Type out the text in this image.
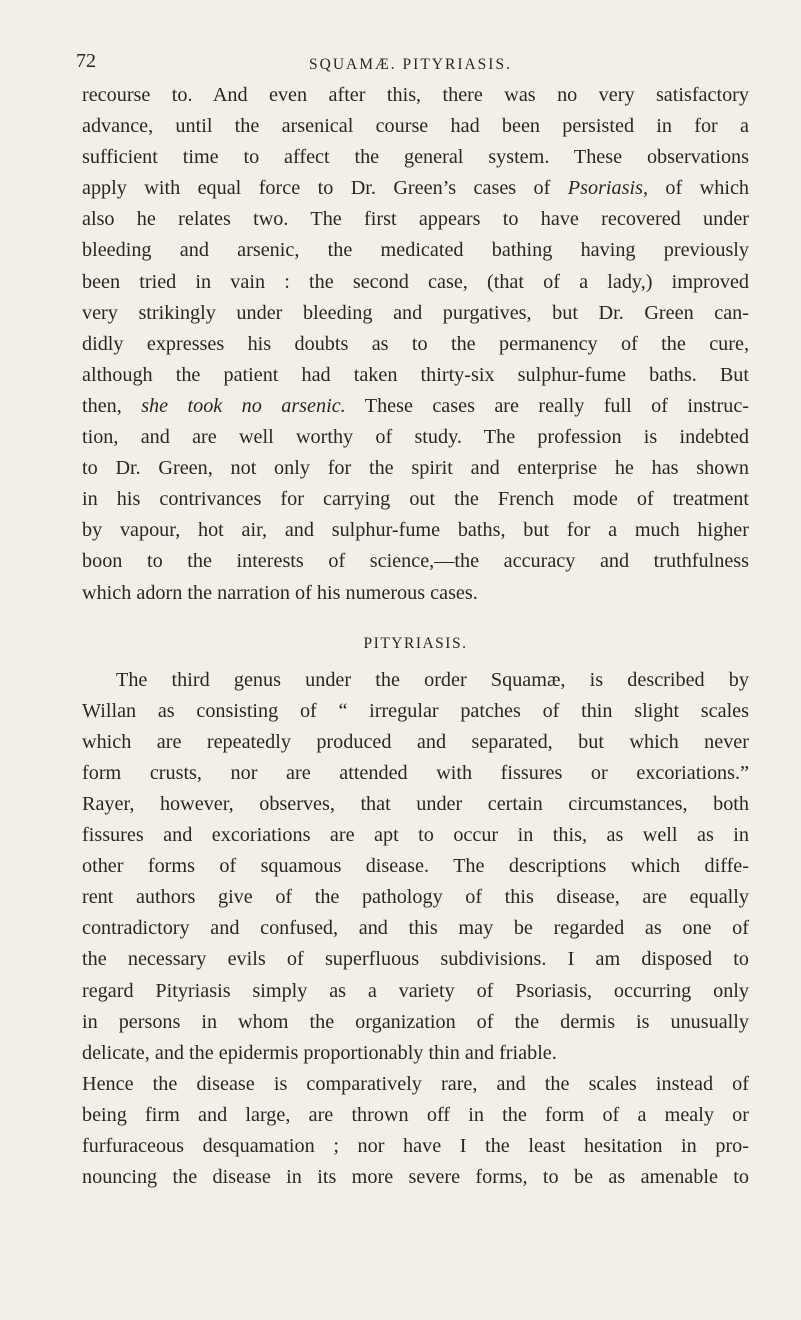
72	SQUAMÆ. PITYRIASIS.
recourse to. And even after this, there was no very satisfactory
advance, until the arsenical course had been persisted in for a
sufficient time to affect the general system. These observations
apply with equal force to Dr. Green’s cases of Psoriasis, of which
also he relates two. The first appears to have recovered under
bleeding and arsenic, the medicated bathing having previously
been tried in vain : the second case, (that of a lady,) improved
very strikingly under bleeding and purgatives, but Dr. Green can-
didly expresses his doubts as to the permanency of the cure,
although the patient had taken thirty-six sulphur-fume baths. But
then, she took no arsenic. These cases are really full of instruc-
tion, and are well worthy of study. The profession is indebted
to Dr. Green, not only for the spirit and enterprise he has shown
in his contrivances for carrying out the French mode of treatment
by vapour, hot air, and sulphur-fume baths, but for a much higher
boon to the interests of science,—the accuracy and truthfulness
which adorn the narration of his numerous cases.
PITYRIASIS.
The third genus under the order Squamæ, is described by
Willan as consisting of “ irregular patches of thin slight scales
which are repeatedly produced and separated, but which never
form crusts, nor are attended with fissures or excoriations.”
Rayer, however, observes, that under certain circumstances, both
fissures and excoriations are apt to occur in this, as well as in
other forms of squamous disease. The descriptions which diffe-
rent authors give of the pathology of this disease, are equally
contradictory and confused, and this may be regarded as one of
the necessary evils of superfluous subdivisions. I am disposed to
regard Pityriasis simply as a variety of Psoriasis, occurring only
in persons in whom the organization of the dermis is unusually
delicate, and the epidermis proportionably thin and friable.
Hence the disease is comparatively rare, and the scales instead of
being firm and large, are thrown off in the form of a mealy or
furfuraceous desquamation ; nor have I the least hesitation in pro-
nouncing the disease in its more severe forms, to be as amenable to
